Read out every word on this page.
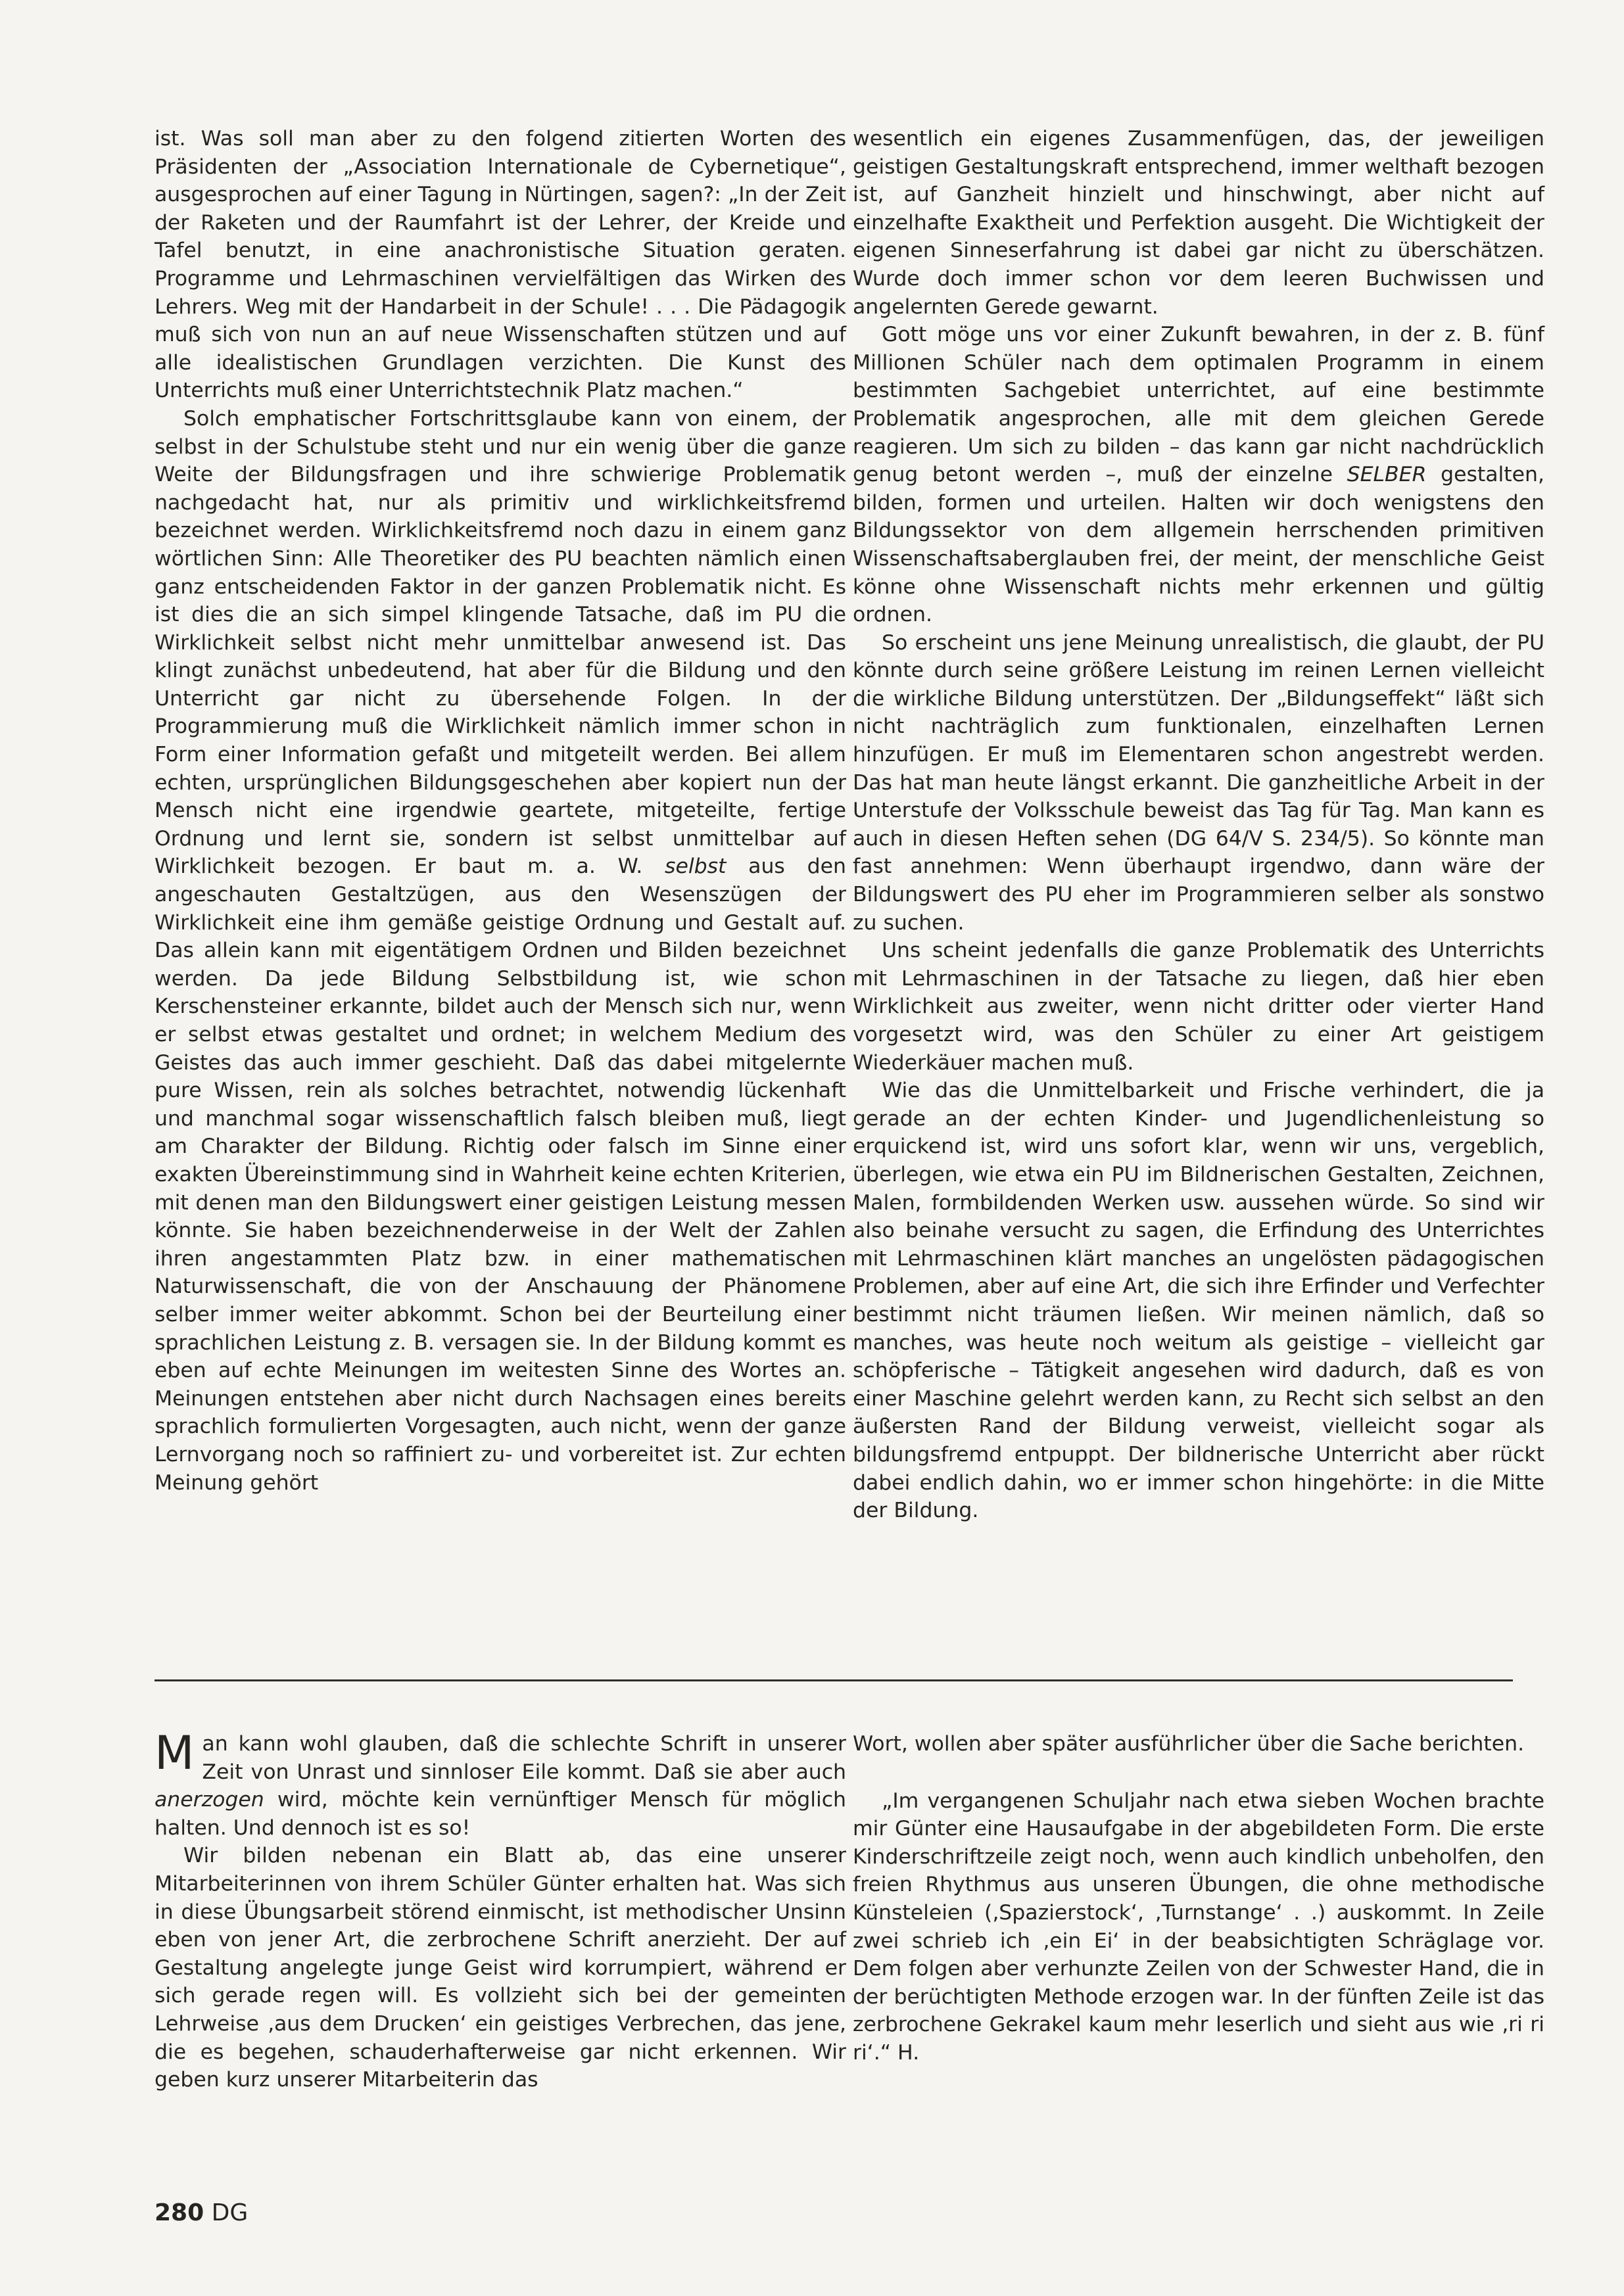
ist. Was soll man aber zu den folgend zitierten Worten des Präsidenten der „Association Internationale de Cybernetique“, ausgesprochen auf einer Tagung in Nürtingen, sagen?: „In der Zeit der Raketen und der Raumfahrt ist der Lehrer, der Kreide und Tafel benutzt, in eine anachronistische Situation geraten. Programme und Lehrmaschinen vervielfältigen das Wirken des Lehrers. Weg mit der Handarbeit in der Schule! . . . Die Pädagogik muß sich von nun an auf neue Wissenschaften stützen und auf alle idealistischen Grundlagen verzichten. Die Kunst des Unterrichts muß einer Unterrichtstechnik Platz machen.“

Solch emphatischer Fortschrittsglaube kann von einem, der selbst in der Schulstube steht und nur ein wenig über die ganze Weite der Bildungsfragen und ihre schwierige Problematik nachgedacht hat, nur als primitiv und wirklichkeitsfremd bezeichnet werden. Wirklichkeitsfremd noch dazu in einem ganz wörtlichen Sinn: Alle Theoretiker des PU beachten nämlich einen ganz entscheidenden Faktor in der ganzen Problematik nicht. Es ist dies die an sich simpel klingende Tatsache, daß im PU die Wirklichkeit selbst nicht mehr unmittelbar anwesend ist. Das klingt zunächst unbedeutend, hat aber für die Bildung und den Unterricht gar nicht zu übersehende Folgen. In der Programmierung muß die Wirklichkeit nämlich immer schon in Form einer Information gefaßt und mitgeteilt werden. Bei allem echten, ursprünglichen Bildungsgeschehen aber kopiert nun der Mensch nicht eine irgendwie geartete, mitgeteilte, fertige Ordnung und lernt sie, sondern ist selbst unmittelbar auf Wirklichkeit bezogen. Er baut m. a. W. selbst aus den angeschauten Gestaltzügen, aus den Wesenszügen der Wirklichkeit eine ihm gemäße geistige Ordnung und Gestalt auf. Das allein kann mit eigentätigem Ordnen und Bilden bezeichnet werden. Da jede Bildung Selbstbildung ist, wie schon Kerschensteiner erkannte, bildet auch der Mensch sich nur, wenn er selbst etwas gestaltet und ordnet; in welchem Medium des Geistes das auch immer geschieht. Daß das dabei mitgelernte pure Wissen, rein als solches betrachtet, notwendig lückenhaft und manchmal sogar wissenschaftlich falsch bleiben muß, liegt am Charakter der Bildung. Richtig oder falsch im Sinne einer exakten Übereinstimmung sind in Wahrheit keine echten Kriterien, mit denen man den Bildungswert einer geistigen Leistung messen könnte. Sie haben bezeichnenderweise in der Welt der Zahlen ihren angestammten Platz bzw. in einer mathematischen Naturwissenschaft, die von der Anschauung der Phänomene selber immer weiter abkommt. Schon bei der Beurteilung einer sprachlichen Leistung z. B. versagen sie. In der Bildung kommt es eben auf echte Meinungen im weitesten Sinne des Wortes an. Meinungen entstehen aber nicht durch Nachsagen eines bereits sprachlich formulierten Vorgesagten, auch nicht, wenn der ganze Lernvorgang noch so raffiniert zu- und vorbereitet ist. Zur echten Meinung gehört

wesentlich ein eigenes Zusammenfügen, das, der jeweiligen geistigen Gestaltungskraft entsprechend, immer welthaft bezogen ist, auf Ganzheit hinzielt und hinschwingt, aber nicht auf einzelhafte Exaktheit und Perfektion ausgeht. Die Wichtigkeit der eigenen Sinneserfahrung ist dabei gar nicht zu überschätzen. Wurde doch immer schon vor dem leeren Buchwissen und angelernten Gerede gewarnt.

Gott möge uns vor einer Zukunft bewahren, in der z. B. fünf Millionen Schüler nach dem optimalen Programm in einem bestimmten Sachgebiet unterrichtet, auf eine bestimmte Problematik angesprochen, alle mit dem gleichen Gerede reagieren. Um sich zu bilden – das kann gar nicht nachdrücklich genug betont werden –, muß der einzelne SELBER gestalten, bilden, formen und urteilen. Halten wir doch wenigstens den Bildungssektor von dem allgemein herrschenden primitiven Wissenschaftsaberglauben frei, der meint, der menschliche Geist könne ohne Wissenschaft nichts mehr erkennen und gültig ordnen.

So erscheint uns jene Meinung unrealistisch, die glaubt, der PU könnte durch seine größere Leistung im reinen Lernen vielleicht die wirkliche Bildung unterstützen. Der „Bildungseffekt“ läßt sich nicht nachträglich zum funktionalen, einzelhaften Lernen hinzufügen. Er muß im Elementaren schon angestrebt werden. Das hat man heute längst erkannt. Die ganzheitliche Arbeit in der Unterstufe der Volksschule beweist das Tag für Tag. Man kann es auch in diesen Heften sehen (DG 64/V S. 234/5). So könnte man fast annehmen: Wenn überhaupt irgendwo, dann wäre der Bildungswert des PU eher im Programmieren selber als sonstwo zu suchen.

Uns scheint jedenfalls die ganze Problematik des Unterrichts mit Lehrmaschinen in der Tatsache zu liegen, daß hier eben Wirklichkeit aus zweiter, wenn nicht dritter oder vierter Hand vorgesetzt wird, was den Schüler zu einer Art geistigem Wiederkäuer machen muß.

Wie das die Unmittelbarkeit und Frische verhindert, die ja gerade an der echten Kinder- und Jugendlichenleistung so erquickend ist, wird uns sofort klar, wenn wir uns, vergeblich, überlegen, wie etwa ein PU im Bildnerischen Gestalten, Zeichnen, Malen, formbildenden Werken usw. aussehen würde. So sind wir also beinahe versucht zu sagen, die Erfindung des Unterrichtes mit Lehrmaschinen klärt manches an ungelösten pädagogischen Problemen, aber auf eine Art, die sich ihre Erfinder und Verfechter bestimmt nicht träumen ließen. Wir meinen nämlich, daß so manches, was heute noch weitum als geistige – vielleicht gar schöpferische – Tätigkeit angesehen wird dadurch, daß es von einer Maschine gelehrt werden kann, zu Recht sich selbst an den äußersten Rand der Bildung verweist, vielleicht sogar als bildungsfremd entpuppt. Der bildnerische Unterricht aber rückt dabei endlich dahin, wo er immer schon hingehörte: in die Mitte der Bildung.

Man kann wohl glauben, daß die schlechte Schrift in unserer Zeit von Unrast und sinnloser Eile kommt. Daß sie aber auch anerzogen wird, möchte kein vernünftiger Mensch für möglich halten. Und dennoch ist es so!

Wir bilden nebenan ein Blatt ab, das eine unserer Mitarbeiterinnen von ihrem Schüler Günter erhalten hat. Was sich in diese Übungsarbeit störend einmischt, ist methodischer Unsinn eben von jener Art, die zerbrochene Schrift anerzieht. Der auf Gestaltung angelegte junge Geist wird korrumpiert, während er sich gerade regen will. Es vollzieht sich bei der gemeinten Lehrweise ‚aus dem Drucken‘ ein geistiges Verbrechen, das jene, die es begehen, schauderhafterweise gar nicht erkennen. Wir geben kurz unserer Mitarbeiterin das

Wort, wollen aber später ausführlicher über die Sache berichten.

„Im vergangenen Schuljahr nach etwa sieben Wochen brachte mir Günter eine Hausaufgabe in der abgebildeten Form. Die erste Kinderschriftzeile zeigt noch, wenn auch kindlich unbeholfen, den freien Rhythmus aus unseren Übungen, die ohne methodische Künsteleien (‚Spazierstock‘, ‚Turnstange‘ . .) auskommt. In Zeile zwei schrieb ich ‚ein Ei‘ in der beabsichtigten Schräglage vor. Dem folgen aber verhunzte Zeilen von der Schwester Hand, die in der berüchtigten Methode erzogen war. In der fünften Zeile ist das zerbrochene Gekrakel kaum mehr leserlich und sieht aus wie ‚ri ri ri‘.“ H.

280 DG
